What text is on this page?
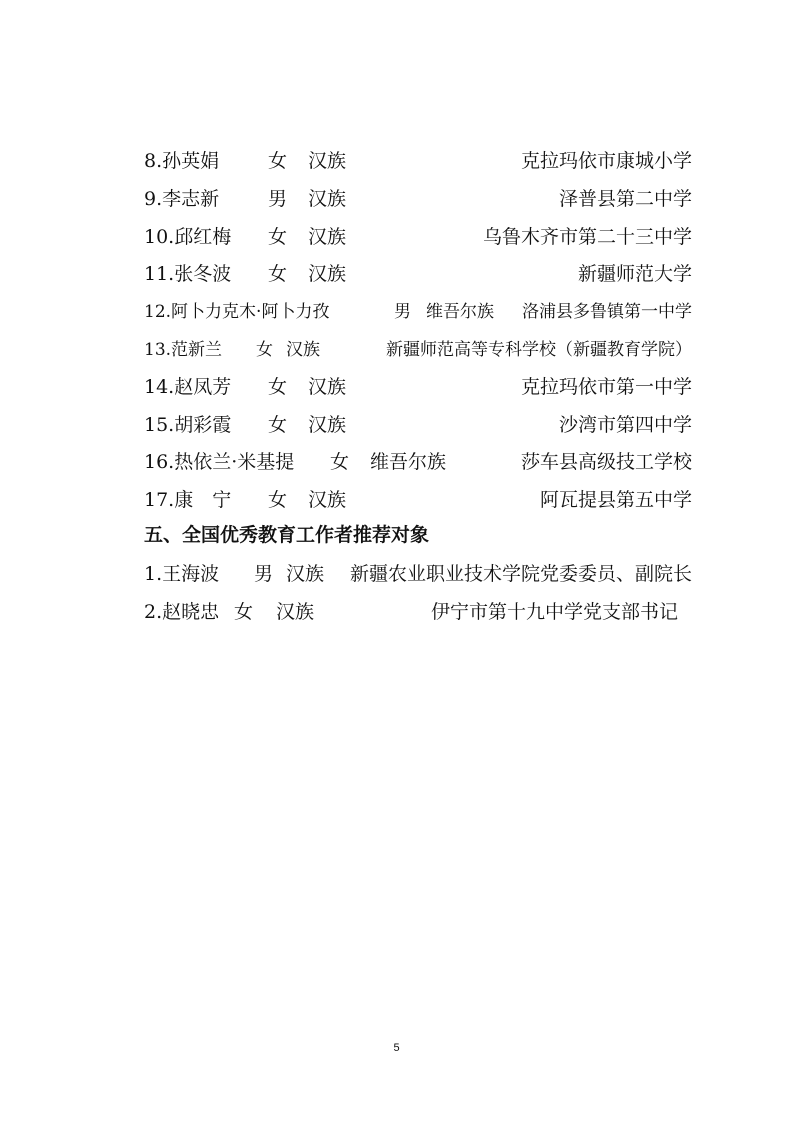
8.孙英娟	女 汉族	克拉玛依市康城小学
9.李志新	男 汉族	泽普县第二中学
10.邱红梅 女 汉族	乌鲁木齐市第二十三中学
11.张冬波 女 汉族	新疆师范大学
12.阿卜力克木·阿卜力孜	男 维吾尔族 洛浦县多鲁镇第一中学
13.范新兰 女 汉族	新疆师范高等专科学校（新疆教育学院）
14.赵凤芳 女 汉族	克拉玛依市第一中学
15.胡彩霞 女 汉族	沙湾市第四中学
16.热依兰·米基提 女 维吾尔族	莎车县高级技工学校
17.康　宁 女 汉族	阿瓦提县第五中学
五、全国优秀教育工作者推荐对象
1.王海波 男 汉族 新疆农业职业技术学院党委委员、副院长
2.赵晓忠 女 汉族	伊宁市第十九中学党支部书记
5
